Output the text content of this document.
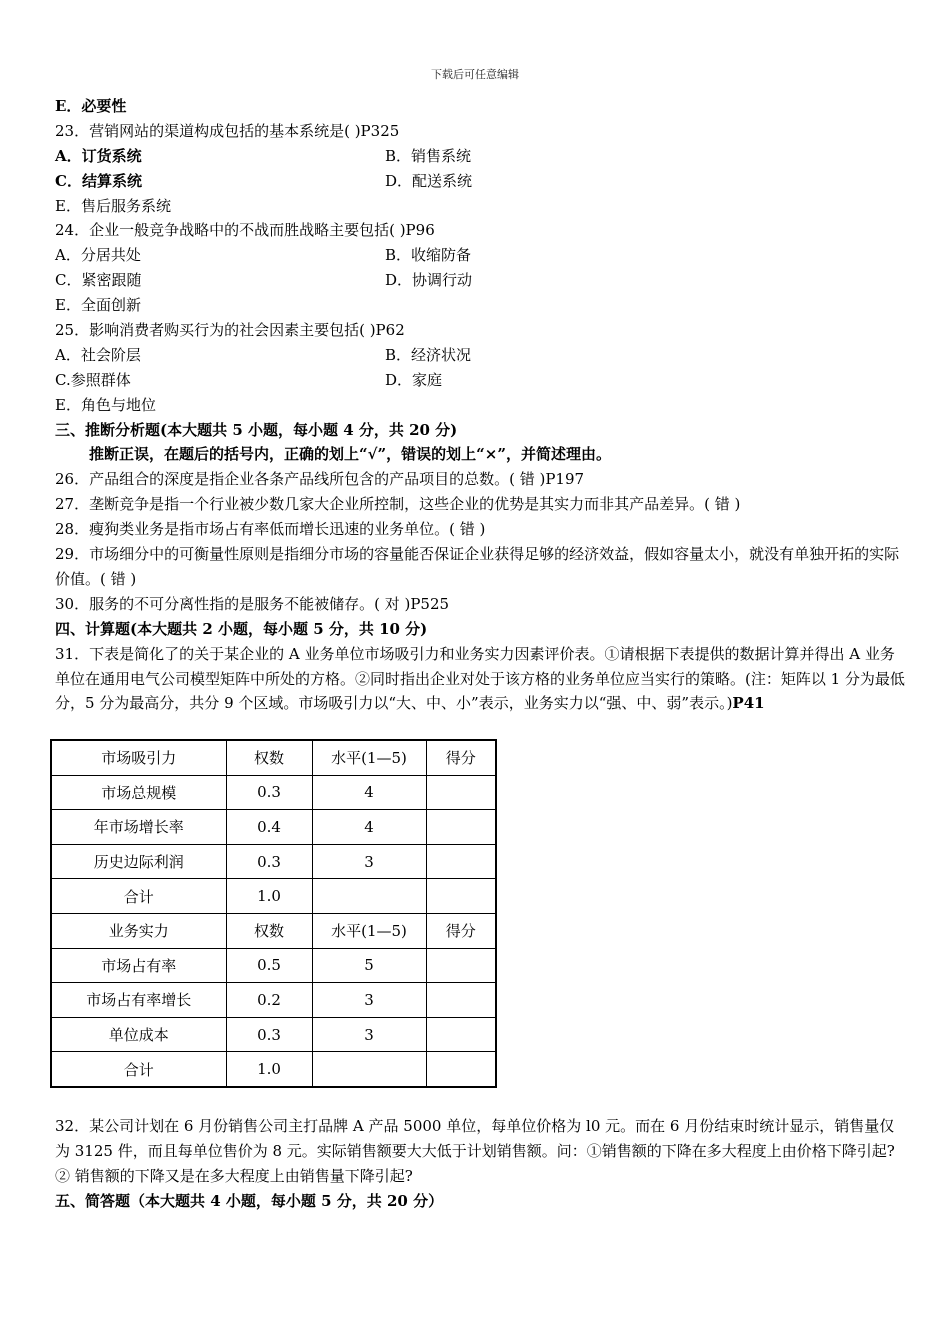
下载后可任意编辑
E．必要性
23．营销网站的渠道构成包括的基本系统是( )P325
A．订货系统	B．销售系统
C．结算系统	D．配送系统
E．售后服务系统
24．企业一般竞争战略中的不战而胜战略主要包括( )P96
A．分居共处	B．收缩防备
C．紧密跟随	D．协调行动
E．全面创新
25．影响消费者购买行为的社会因素主要包括( )P62
A．社会阶层	B．经济状况
C.参照群体	D．家庭
E．角色与地位
三、推断分析题(本大题共 5 小题，每小题 4 分，共 20 分)
推断正误，在题后的括号内，正确的划上“√”，错误的划上“×”，并简述理由。
26．产品组合的深度是指企业各条产品线所包含的产品项目的总数。( 错 )P197
27．垄断竞争是指一个行业被少数几家大企业所控制，这些企业的优势是其实力而非其产品差异。( 错 )
28．瘦狗类业务是指市场占有率低而增长迅速的业务单位。( 错 )
29．市场细分中的可衡量性原则是指细分市场的容量能否保证企业获得足够的经济效益，假如容量太小，就没有单独开拓的实际价值。( 错 )
30．服务的不可分离性指的是服务不能被储存。( 对 )P525
四、计算题(本大题共 2 小题，每小题 5 分，共 10 分)
31．下表是简化了的关于某企业的 A 业务单位市场吸引力和业务实力因素评价表。①请根据下表提供的数据计算并得出 A 业务单位在通用电气公司模型矩阵中所处的方格。②同时指出企业对处于该方格的业务单位应当实行的策略。(注：矩阵以 1 分为最低分，5 分为最高分，共分 9 个区域。市场吸引力以“大、中、小”表示，业务实力以“强、中、弱”表示。)P41
市场吸引力	权数	水平(1—5)	得分
市场总规模	0.3	4	
年市场增长率	0.4	4	
历史边际利润	0.3	3	
合计	1.0		
业务实力	权数	水平(1—5)	得分
市场占有率	0.5	5	
市场占有率增长	0.2	3	
单位成本	0.3	3	
合计	1.0		
32．某公司计划在 6 月份销售公司主打品牌 A 产品 5000 单位，每单位价格为 l0 元。而在 6 月份结束时统计显示，销售量仅为 3125 件，而且每单位售价为 8 元。实际销售额要大大低于计划销售额。问：①销售额的下降在多大程度上由价格下降引起?② 销售额的下降又是在多大程度上由销售量下降引起?
五、简答题（本大题共 4 小题，每小题 5 分，共 20 分）
